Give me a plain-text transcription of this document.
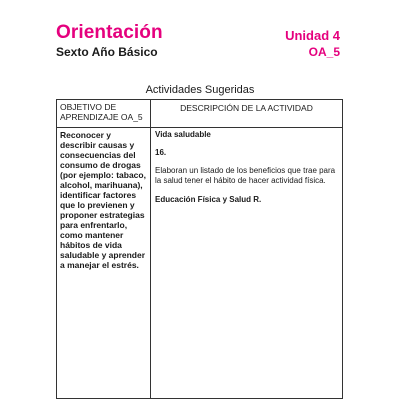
Orientación	Unidad 4
Sexto Año Básico	OA_5
Actividades Sugeridas
OBJETIVO DE APRENDIZAJE OA_5
DESCRIPCIÓN DE LA ACTIVIDAD
Reconocer y describir causas y consecuencias del consumo de drogas (por ejemplo: tabaco, alcohol, marihuana), identificar factores que lo previenen y proponer estrategias para enfrentarlo, como mantener hábitos de vida saludable y aprender a manejar el estrés.
Vida saludable
16.
Elaboran un listado de los beneficios que trae para la salud tener el hábito de hacer actividad física.
Educación Física y Salud R.
